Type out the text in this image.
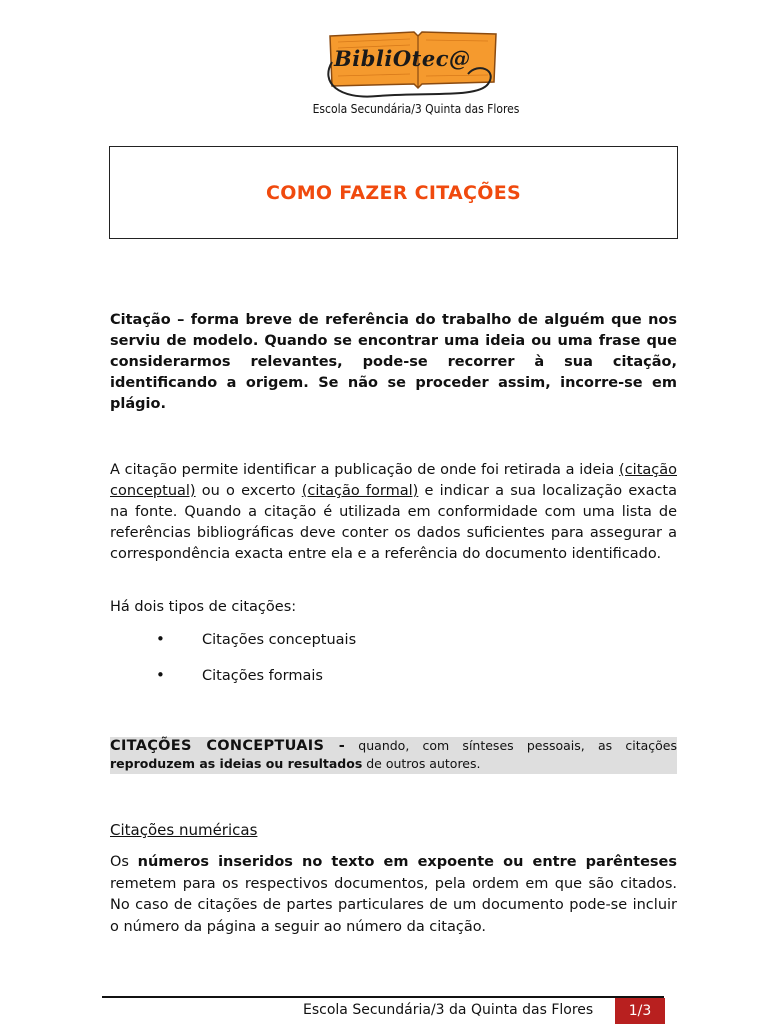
BibliOtec@
Escola Secundária/3 Quinta das Flores
COMO FAZER CITAÇÕES

Citação – forma breve de referência do trabalho de alguém que nos serviu de modelo. Quando se encontrar uma ideia ou uma frase que considerarmos relevantes, pode-se recorrer à sua citação, identificando a origem. Se não se proceder assim, incorre-se em plágio.

A citação permite identificar a publicação de onde foi retirada a ideia (citação conceptual) ou o excerto (citação formal) e indicar a sua localização exacta na fonte. Quando a citação é utilizada em conformidade com uma lista de referências bibliográficas deve conter os dados suficientes para assegurar a correspondência exacta entre ela e a referência do documento identificado.

Há dois tipos de citações:
•	Citações conceptuais
•	Citações formais
CITAÇÕES CONCEPTUAIS - quando, com sínteses pessoais, as citações reproduzem as ideias ou resultados de outros autores.
Citações numéricas

Os números inseridos no texto em expoente ou entre parênteses remetem para os respectivos documentos, pela ordem em que são citados. No caso de citações de partes particulares de um documento pode-se incluir o número da página a seguir ao número da citação.

Escola Secundária/3 da Quinta das Flores	1/3
